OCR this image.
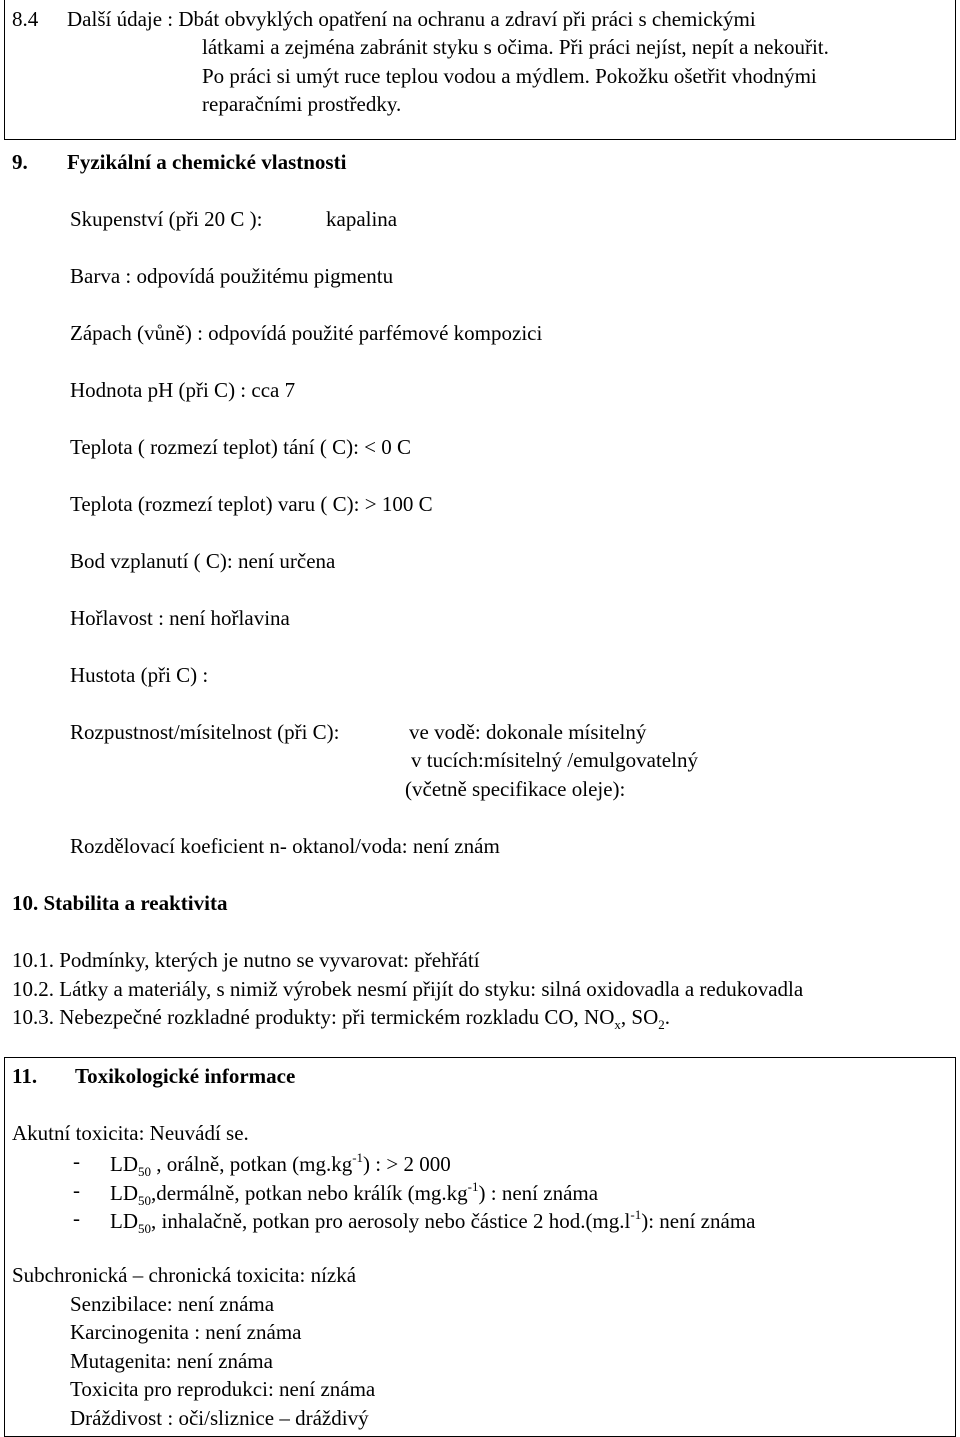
8.4 Další údaje : Dbát obvyklých opatření na ochranu a zdraví při práci s chemickými
látkami a zejména zabránit styku s očima. Při práci nejíst, nepít a nekouřit.
Po práci si umýt ruce teplou vodou a mýdlem. Pokožku ošetřit vhodnými
reparačními prostředky.
9. Fyzikální a chemické vlastnosti
Skupenství (při 20 C ):	kapalina
Barva : odpovídá použitému pigmentu
Zápach (vůně) : odpovídá použité parfémové kompozici
Hodnota pH (při C) : cca 7
Teplota ( rozmezí teplot) tání ( C): < 0 C
Teplota (rozmezí teplot) varu ( C): > 100 C
Bod vzplanutí ( C): není určena
Hořlavost : není hořlavina
Hustota (při C) :
Rozpustnost/mísitelnost (při C):	ve vodě: dokonale mísitelný
v tucích:mísitelný /emulgovatelný
(včetně specifikace oleje):
Rozdělovací koeficient n- oktanol/voda: není znám
10. Stabilita a reaktivita
10.1. Podmínky, kterých je nutno se vyvarovat: přehřátí
10.2. Látky a materiály, s nimiž výrobek nesmí přijít do styku: silná oxidovadla a redukovadla
10.3. Nebezpečné rozkladné produkty: při termickém rozkladu CO, $NO_x$, $SO_2$.
11. Toxikologické informace
Akutní toxicita: Neuvádí se.
- $LD_{50}$ , orálně, potkan $(mg.kg^{-1})$ : > 2 000
- $LD_{50},dermá\ln ě$, potkan nebo králík $(mg.kg^{-1})$ : není známa
- $LD_{50}$, inhalačně, potkan pro aerosoly nebo částice 2 $hod.(mg.l^{-1})$: není známa
Subchronická – chronická toxicita: nízká
Senzibilace: není známa
Karcinogenita : není známa
Mutagenita: není známa
Toxicita pro reprodukci: není známa
Dráždivost : oči/sliznice – dráždivý
